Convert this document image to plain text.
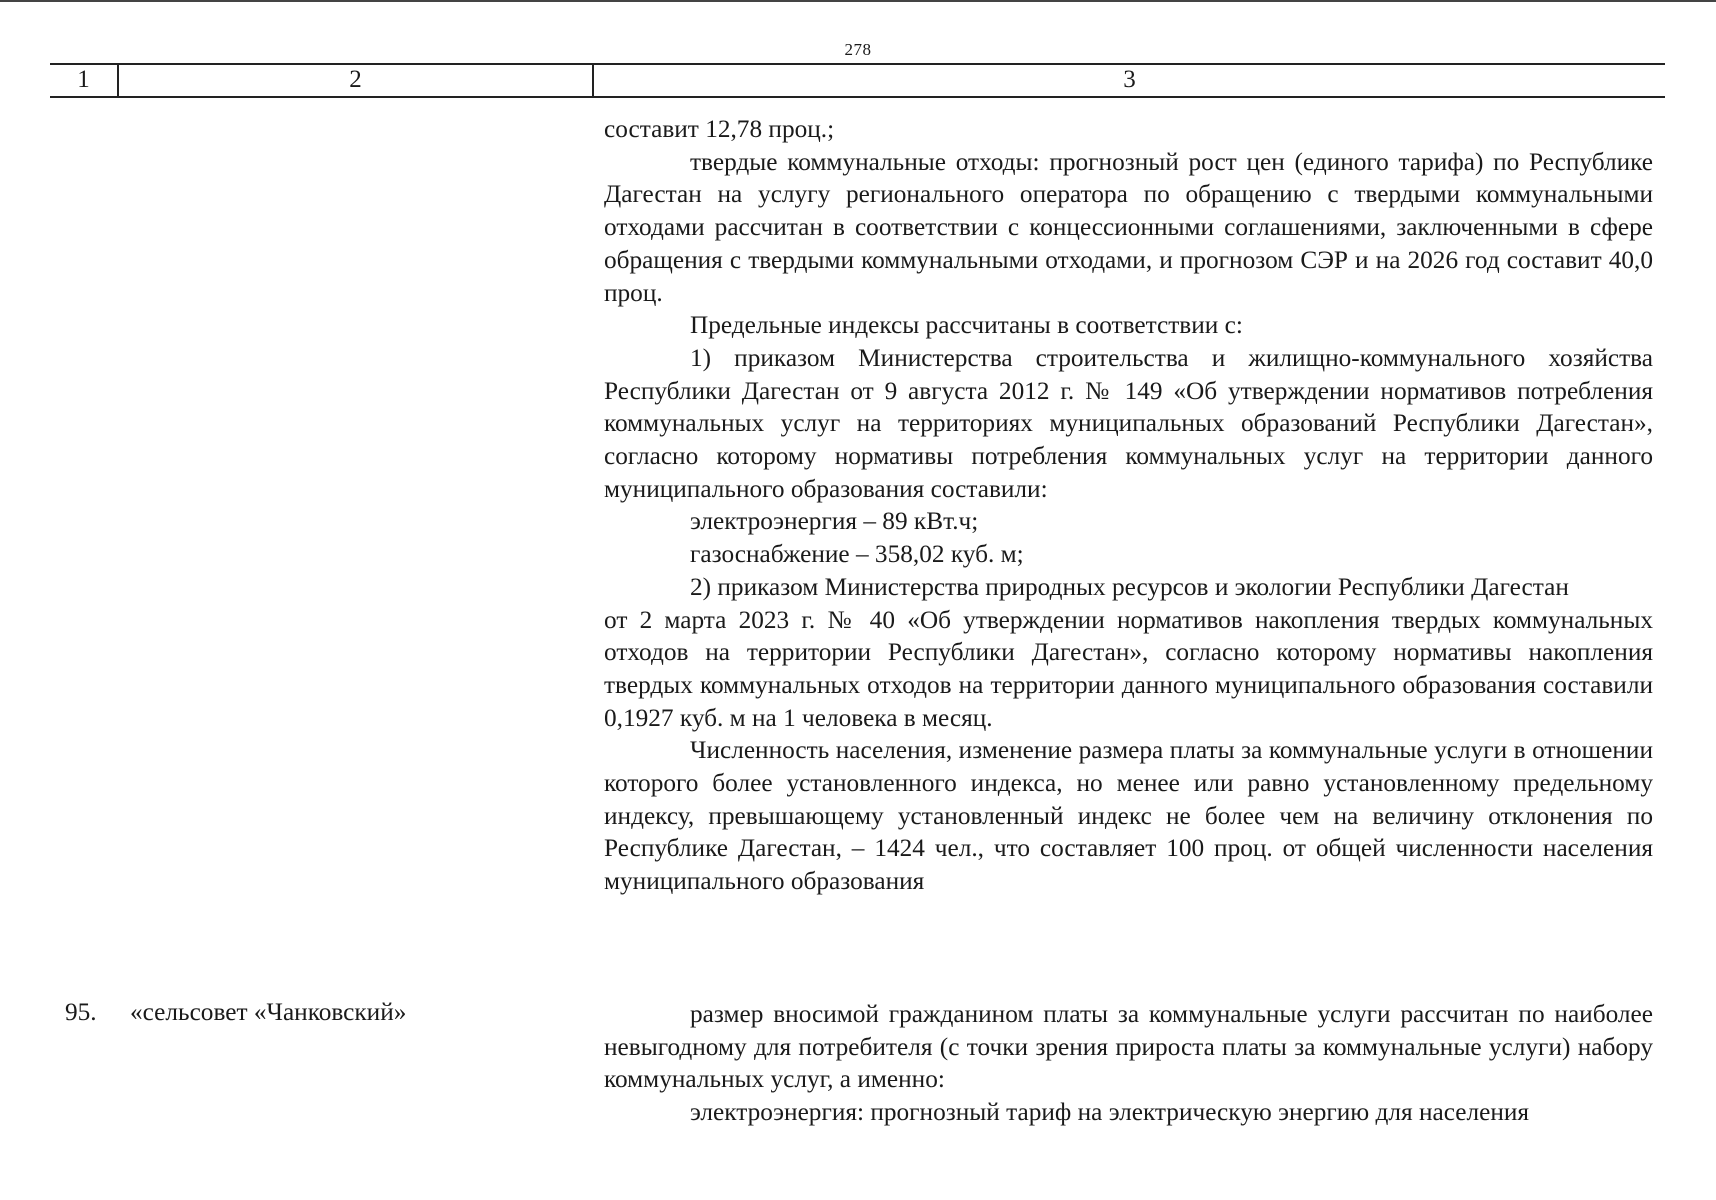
278
1	2	3

составит 12,78 проц.;

твердые коммунальные отходы: прогнозный рост цен (единого тарифа) по Республике Дагестан на услугу регионального оператора по обращению с твердыми коммунальными отходами рассчитан в соответствии с концессионными соглашениями, заключенными в сфере обращения с твердыми коммунальными отходами, и прогнозом СЭР и на 2026 год составит 40,0 проц.

Предельные индексы рассчитаны в соответствии с:

1) приказом Министерства строительства и жилищно-коммунального хозяйства Республики Дагестан от 9 августа 2012 г. № 149 «Об утверждении нормативов потребления коммунальных услуг на территориях муниципальных образований Республики Дагестан», согласно которому нормативы потребления коммунальных услуг на территории данного муниципального образования составили:

электроэнергия – 89 кВт.ч;

газоснабжение – 358,02 куб. м;

2) приказом Министерства природных ресурсов и экологии Республики Дагестан

от 2 марта 2023 г. № 40 «Об утверждении нормативов накопления твердых коммунальных отходов на территории Республики Дагестан», согласно которому нормативы накопления твердых коммунальных отходов на территории данного муниципального образования составили 0,1927 куб. м на 1 человека в месяц.

Численность населения, изменение размера платы за коммунальные услуги в отношении которого более установленного индекса, но менее или равно установленному предельному индексу, превышающему установленный индекс не более чем на величину отклонения по Республике Дагестан, – 1424 чел., что составляет 100 проц. от общей численности населения муниципального образования

95. «сельсовет «Чанковский»	размер вносимой гражданином платы за коммунальные услуги рассчитан по наиболее невыгодному для потребителя (с точки зрения прироста платы за коммунальные услуги) набору коммунальных услуг, а именно:

электроэнергия: прогнозный тариф на электрическую энергию для населения
